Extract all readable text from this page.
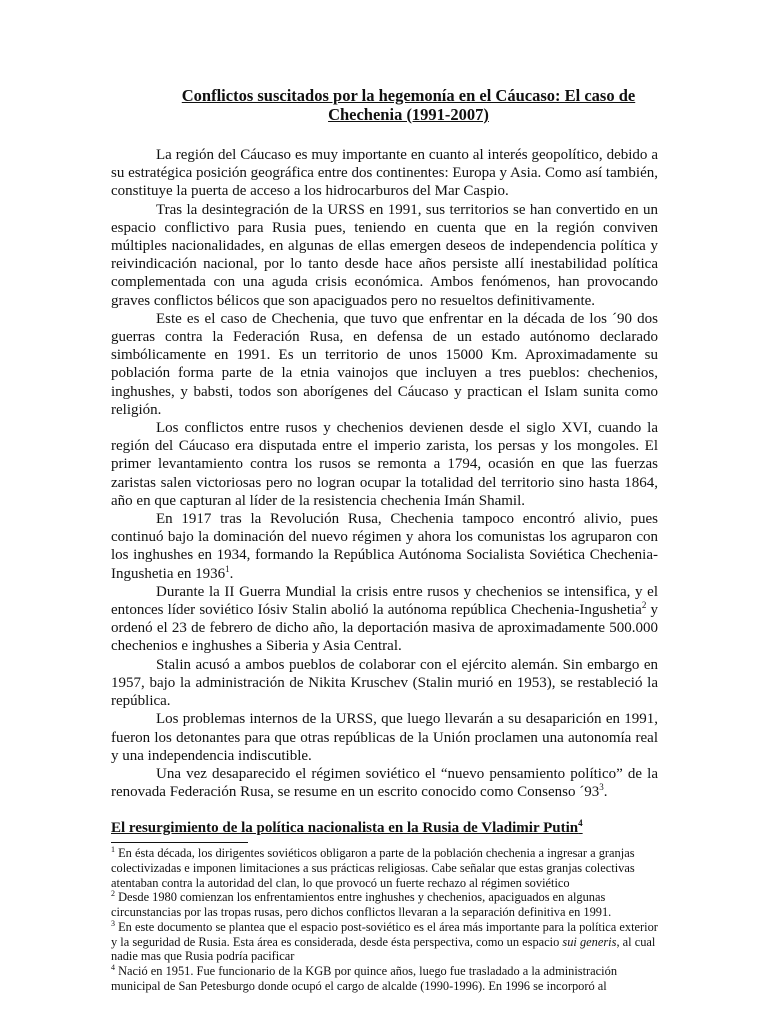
Conflictos suscitados por la hegemonía en el Cáucaso: El caso de Chechenia (1991-2007)

La región del Cáucaso es muy importante en cuanto al interés geopolítico, debido a su estratégica posición geográfica entre dos continentes: Europa y Asia. Como así también, constituye la puerta de acceso a los hidrocarburos del Mar Caspio.

Tras la desintegración de la URSS en 1991, sus territorios se han convertido en un espacio conflictivo para Rusia pues, teniendo en cuenta que en la región conviven múltiples nacionalidades, en algunas de ellas emergen deseos de independencia política y reivindicación nacional, por lo tanto desde hace años persiste allí inestabilidad política complementada con una aguda crisis económica. Ambos fenómenos, han provocando graves conflictos bélicos que son apaciguados pero no resueltos definitivamente.

Este es el caso de Chechenia, que tuvo que enfrentar en la década de los ´90 dos guerras contra la Federación Rusa, en defensa de un estado autónomo declarado simbólicamente en 1991. Es un territorio de unos 15000 Km. Aproximadamente su población forma parte de la etnia vainojos que incluyen a tres pueblos: chechenios, inghushes, y babsti, todos son aborígenes del Cáucaso y practican el Islam sunita como religión.

Los conflictos entre rusos y chechenios devienen desde el siglo XVI, cuando la región del Cáucaso era disputada entre el imperio zarista, los persas y los mongoles. El primer levantamiento contra los rusos se remonta a 1794, ocasión en que las fuerzas zaristas salen victoriosas pero no logran ocupar la totalidad del territorio sino hasta 1864, año en que capturan al líder de la resistencia chechenia Imán Shamil.

En 1917 tras la Revolución Rusa, Chechenia tampoco encontró alivio, pues continuó bajo la dominación del nuevo régimen y ahora los comunistas los agruparon con los inghushes en 1934, formando la República Autónoma Socialista Soviética Chechenia-Ingushetia en 1936$^1$.

Durante la II Guerra Mundial la crisis entre rusos y chechenios se intensifica, y el entonces líder soviético Iósiv Stalin abolió la autónoma república Chechenia-Ingushetia$^2$ y ordenó el 23 de febrero de dicho año, la deportación masiva de aproximadamente 500.000 chechenios e inghushes a Siberia y Asia Central.

Stalin acusó a ambos pueblos de colaborar con el ejército alemán. Sin embargo en 1957, bajo la administración de Nikita Kruschev (Stalin murió en 1953), se restableció la república.

Los problemas internos de la URSS, que luego llevarán a su desaparición en 1991, fueron los detonantes para que otras repúblicas de la Unión proclamen una autonomía real y una independencia indiscutible.

Una vez desaparecido el régimen soviético el “nuevo pensamiento político” de la renovada Federación Rusa, se resume en un escrito conocido como Consenso $´93^3$.

El resurgimiento de la política nacionalista en la Rusia de Vladimir Putin$^4$

$^1$ En ésta década, los dirigentes soviéticos obligaron a parte de la población chechenia a ingresar a granjas colectivizadas e imponen limitaciones a sus prácticas religiosas. Cabe señalar que estas granjas colectivas atentaban contra la autoridad del clan, lo que provocó un fuerte rechazo al régimen soviético

$^2$ Desde 1980 comienzan los enfrentamientos entre inghushes y chechenios, apaciguados en algunas circunstancias por las tropas rusas, pero dichos conflictos llevaran a la separación definitiva en 1991.

$^3$ En este documento se plantea que el espacio post-soviético es el área más importante para la política exterior y la seguridad de Rusia. Esta área es considerada, desde ésta perspectiva, como un espacio sui generis, al cual nadie mas que Rusia podría pacificar

$^4$ Nació en 1951. Fue funcionario de la KGB por quince años, luego fue trasladado a la administración municipal de San Petesburgo donde ocupó el cargo de alcalde (1990-1996). En 1996 se incorporó al
